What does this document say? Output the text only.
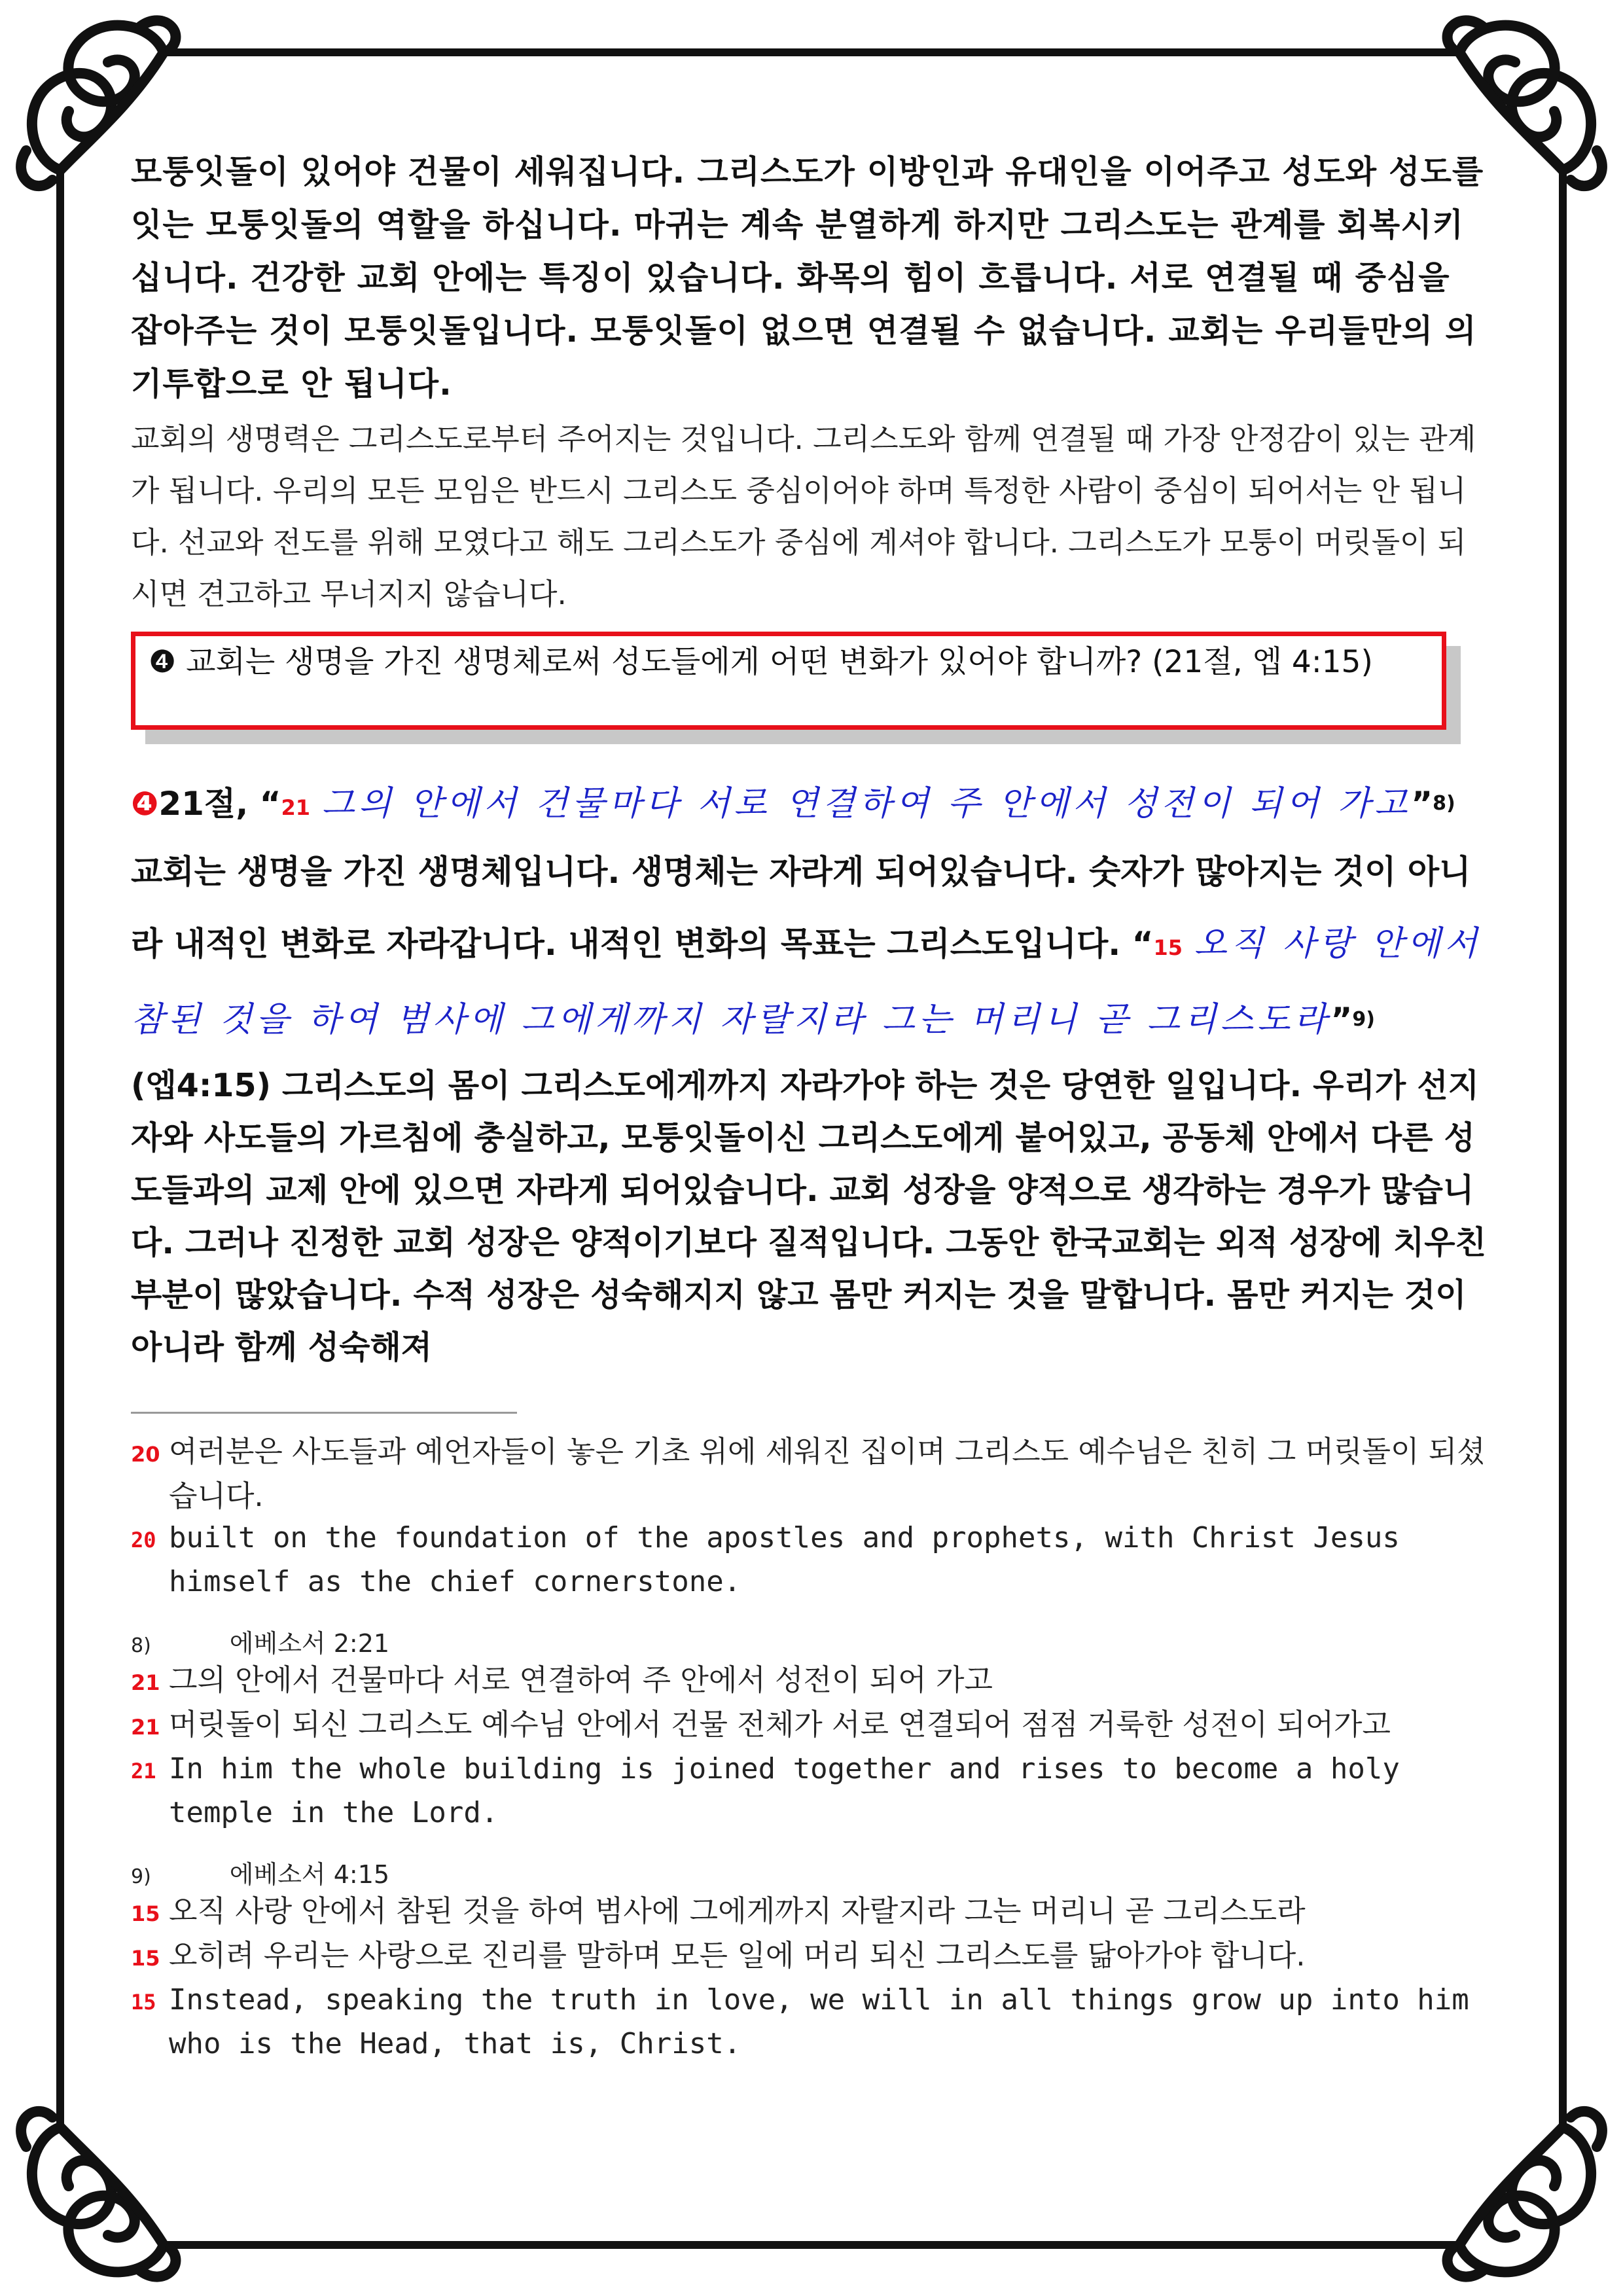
모퉁잇돌이 있어야 건물이 세워집니다. 그리스도가 이방인과 유대인을 이어주고 성도와 성도를 잇는 모퉁잇돌의 역할을 하십니다. 마귀는 계속 분열하게 하지만 그리스도는 관계를 회복시키십니다. 건강한 교회 안에는 특징이 있습니다. 화목의 힘이 흐릅니다. 서로 연결될 때 중심을 잡아주는 것이 모퉁잇돌입니다. 모퉁잇돌이 없으면 연결될 수 없습니다. 교회는 우리들만의 의기투합으로 안 됩니다.

교회의 생명력은 그리스도로부터 주어지는 것입니다. 그리스도와 함께 연결될 때 가장 안정감이 있는 관계가 됩니다. 우리의 모든 모임은 반드시 그리스도 중심이어야 하며 특정한 사람이 중심이 되어서는 안 됩니다. 선교와 전도를 위해 모였다고 해도 그리스도가 중심에 계셔야 합니다. 그리스도가 모퉁이 머릿돌이 되시면 견고하고 무너지지 않습니다.

❹ 교회는 생명을 가진 생명체로써 성도들에게 어떤 변화가 있어야 합니까? (21절, 엡 4:15)

❹21절, “21 그의 안에서 건물마다 서로 연결하여 주 안에서 성전이 되어 가고”$^{8)}$

교회는 생명을 가진 생명체입니다. 생명체는 자라게 되어있습니다. 숫자가 많아지는 것이 아니라 내적인 변화로 자라갑니다. 내적인 변화의 목표는 그리스도입니다. “15 오직 사랑 안에서 참된 것을 하여 범사에 그에게까지 자랄지라 그는 머리니 곧 그리스도라”$^{9)}$

(엡4:15) 그리스도의 몸이 그리스도에게까지 자라가야 하는 것은 당연한 일입니다. 우리가 선지자와 사도들의 가르침에 충실하고, 모퉁잇돌이신 그리스도에게 붙어있고, 공동체 안에서 다른 성도들과의 교제 안에 있으면 자라게 되어있습니다. 교회 성장을 양적으로 생각하는 경우가 많습니다. 그러나 진정한 교회 성장은 양적이기보다 질적입니다. 그동안 한국교회는 외적 성장에 치우친 부분이 많았습니다. 수적 성장은 성숙해지지 않고 몸만 커지는 것을 말합니다. 몸만 커지는 것이 아니라 함께 성숙해져

20 여러분은 사도들과 예언자들이 놓은 기초 위에 세워진 집이며 그리스도 예수님은 친히 그 머릿돌이 되셨습니다.

20 built on the foundation of the apostles and prophets, with Christ Jesus himself as the chief cornerstone.

8)	에베소서 2:21

21 그의 안에서 건물마다 서로 연결하여 주 안에서 성전이 되어 가고

21 머릿돌이 되신 그리스도 예수님 안에서 건물 전체가 서로 연결되어 점점 거룩한 성전이 되어가고

21 In him the whole building is joined together and rises to become a holy temple in the Lord.

9)	에베소서 4:15

15 오직 사랑 안에서 참된 것을 하여 범사에 그에게까지 자랄지라 그는 머리니 곧 그리스도라

15 오히려 우리는 사랑으로 진리를 말하며 모든 일에 머리 되신 그리스도를 닮아가야 합니다.

15 Instead, speaking the truth in love, we will in all things grow up into him who is the Head, that is, Christ.
